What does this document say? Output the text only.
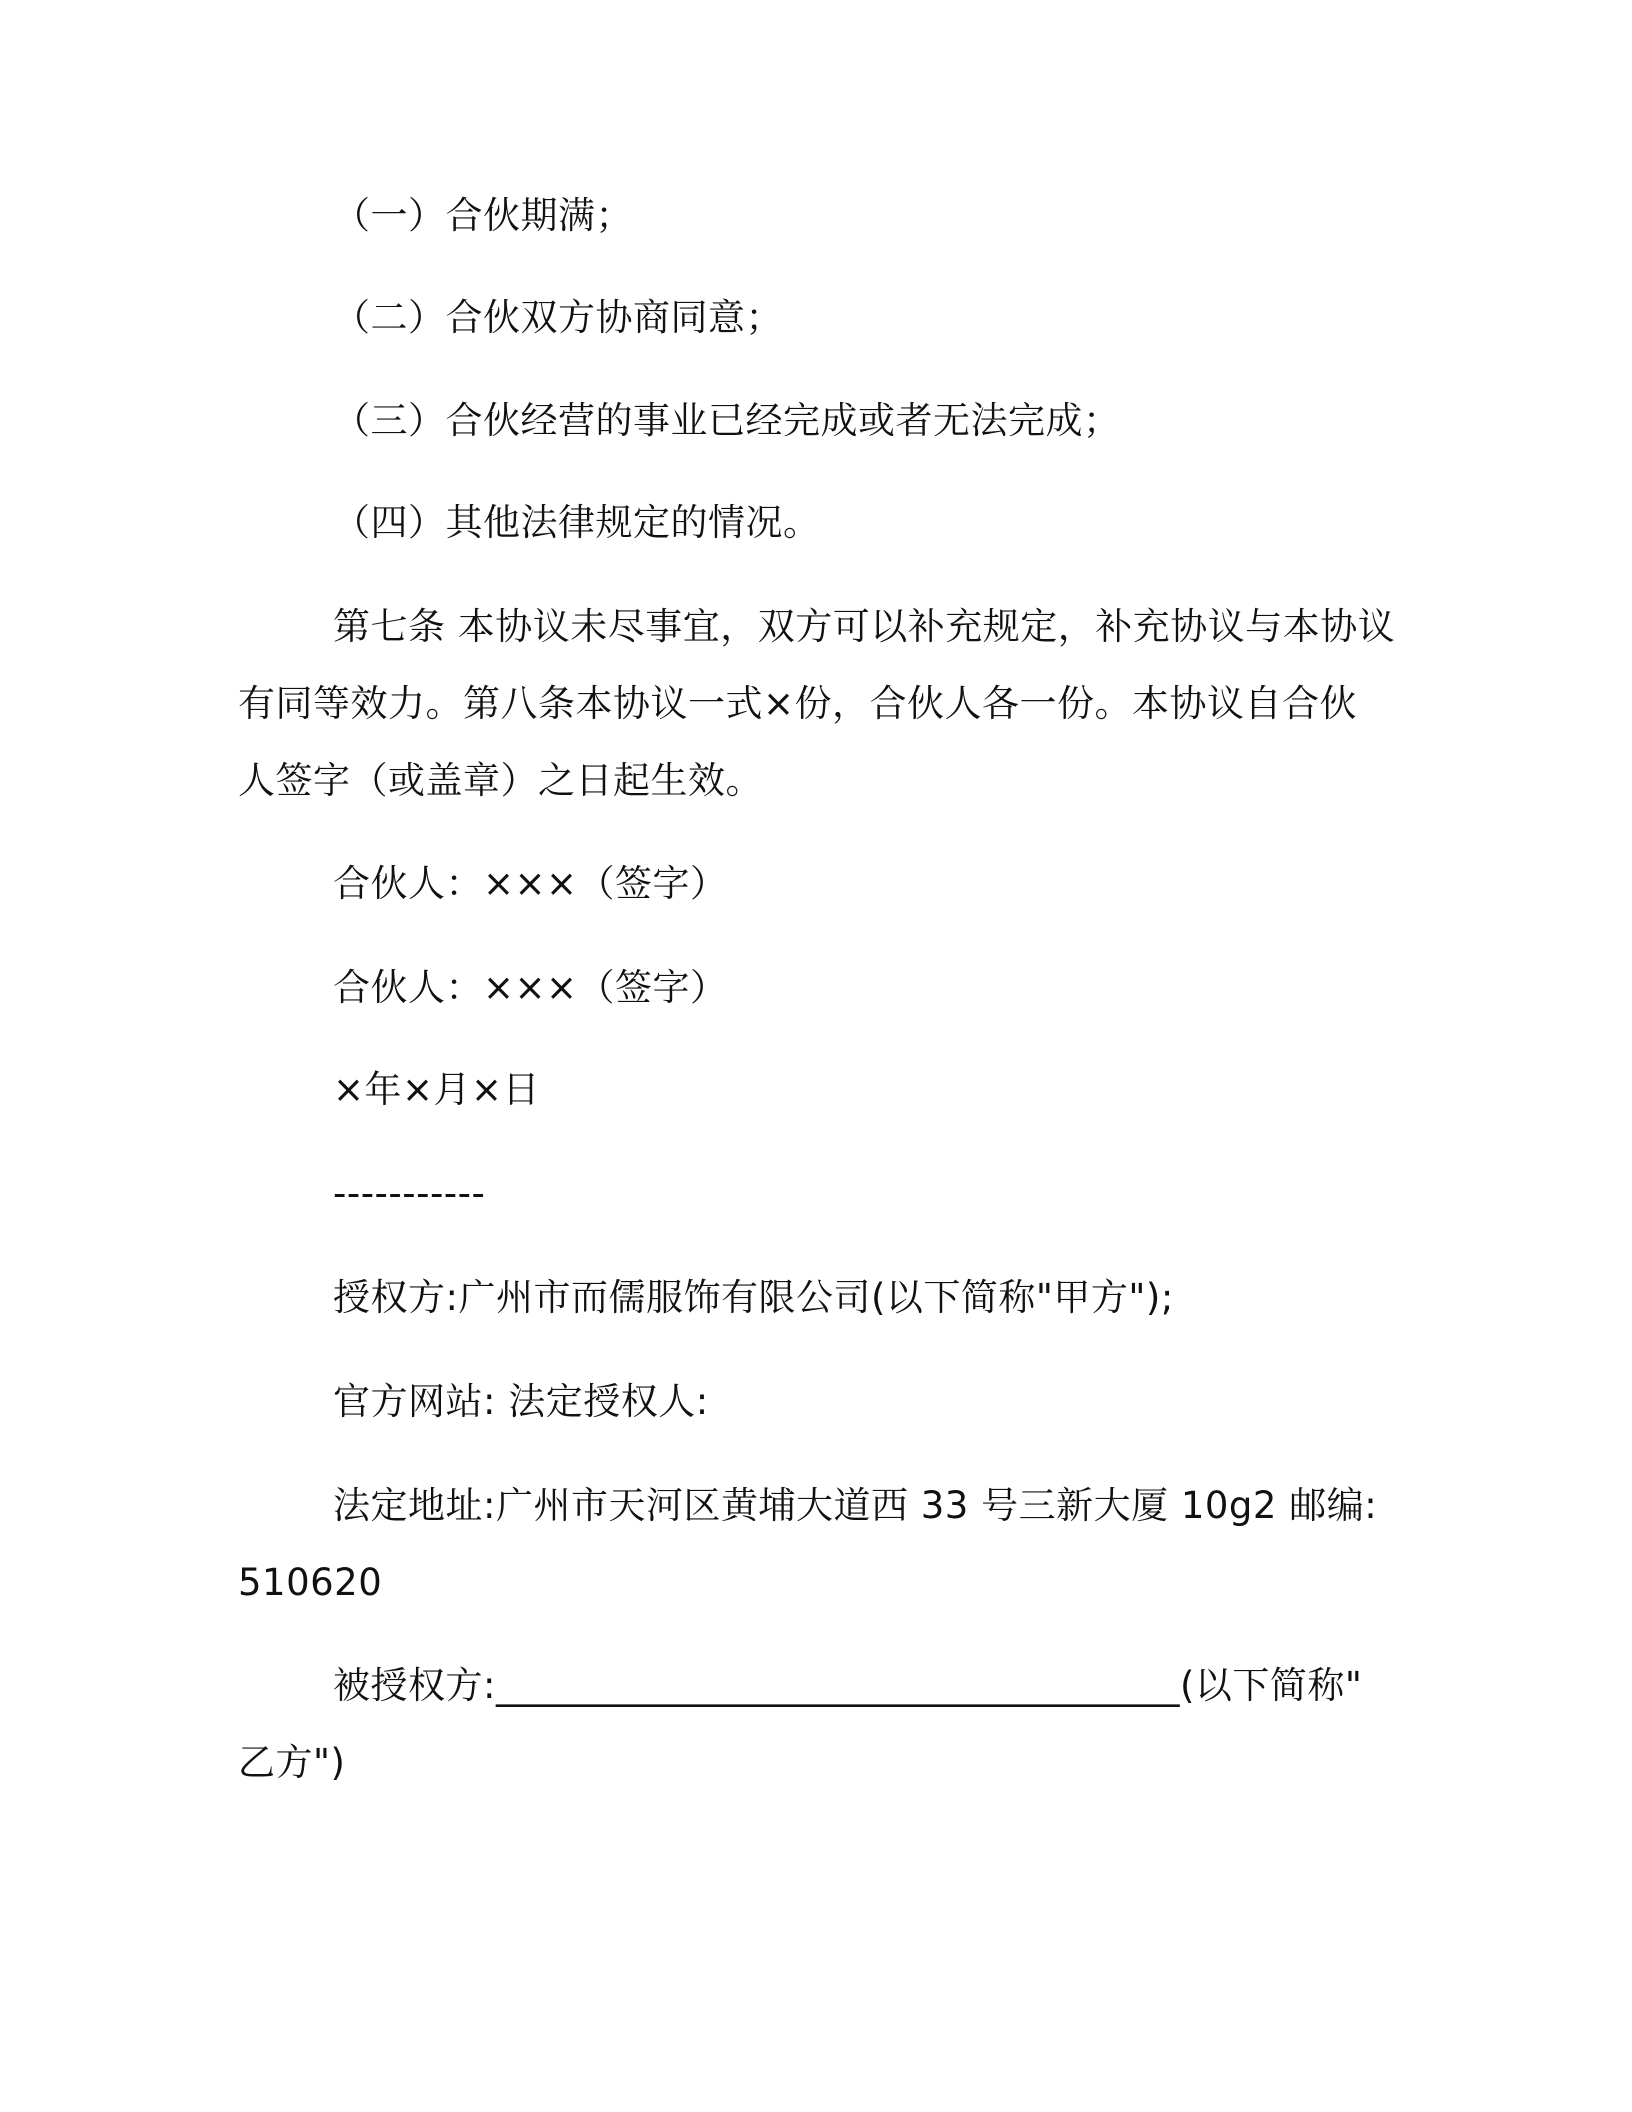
（一）合伙期满；
（二）合伙双方协商同意；
（三）合伙经营的事业已经完成或者无法完成；
（四）其他法律规定的情况。
第七条 本协议未尽事宜，双方可以补充规定，补充协议与本协议
有同等效力。第八条本协议一式×份，合伙人各一份。本协议自合伙
人签字（或盖章）之日起生效。
合伙人：×××（签字）
合伙人：×××（签字）
×年×月×日
-----------
授权方:广州市而儒服饰有限公司(以下简称"甲方");
官方网站: 法定授权人:
法定地址:广州市天河区黄埔大道西 33 号三新大厦 10g2 邮编:
510620
被授权方:____________________________________(以下简称"
乙方")
